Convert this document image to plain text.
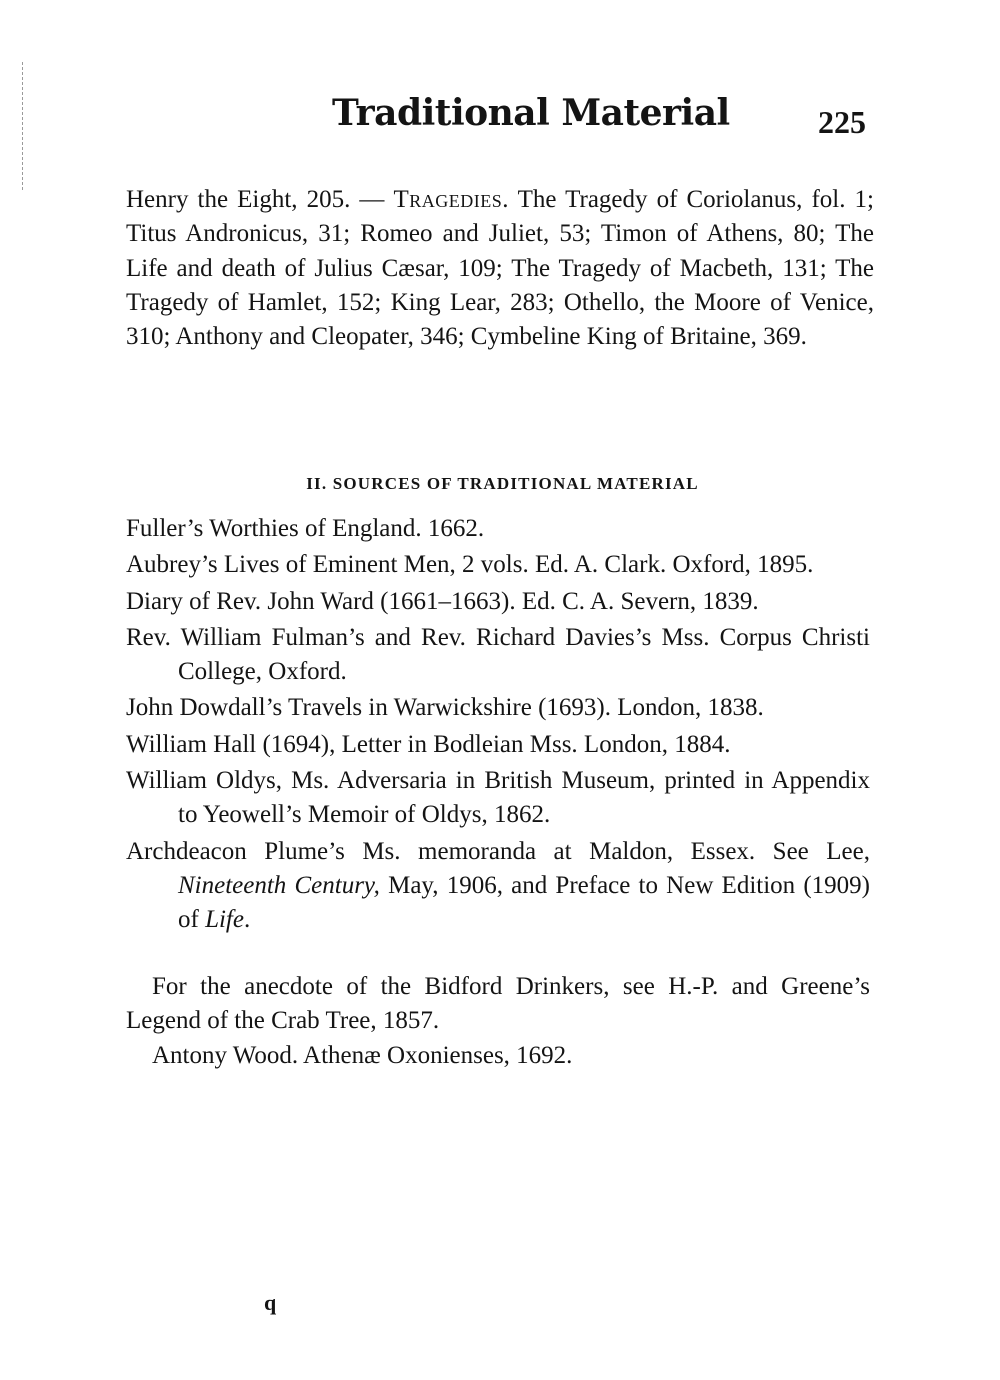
Traditional Material	225

Henry the Eight, 205. — Tragedies. The Tragedy of Coriolanus, fol. 1; Titus Andronicus, 31; Romeo and Juliet, 53; Timon of Athens, 80; The Life and death of Julius Cæsar, 109; The Tragedy of Macbeth, 131; The Tragedy of Hamlet, 152; King Lear, 283; Othello, the Moore of Venice, 310; Anthony and Cleopater, 346; Cymbeline King of Britaine, 369.

II. SOURCES OF TRADITIONAL MATERIAL

Fuller’s Worthies of England. 1662.

Aubrey’s Lives of Eminent Men, 2 vols. Ed. A. Clark. Oxford, 1895.

Diary of Rev. John Ward (1661–1663). Ed. C. A. Severn, 1839.

Rev. William Fulman’s and Rev. Richard Davies’s Mss. Corpus Christi College, Oxford.

John Dowdall’s Travels in Warwickshire (1693). London, 1838.

William Hall (1694), Letter in Bodleian Mss. London, 1884.

William Oldys, Ms. Adversaria in British Museum, printed in Appendix to Yeowell’s Memoir of Oldys, 1862.

Archdeacon Plume’s Ms. memoranda at Maldon, Essex. See Lee, Nineteenth Century, May, 1906, and Preface to New Edition (1909) of Life.

For the anecdote of the Bidford Drinkers, see H.-P. and Greene’s Legend of the Crab Tree, 1857.

Antony Wood. Athenæ Oxonienses, 1692.

q
